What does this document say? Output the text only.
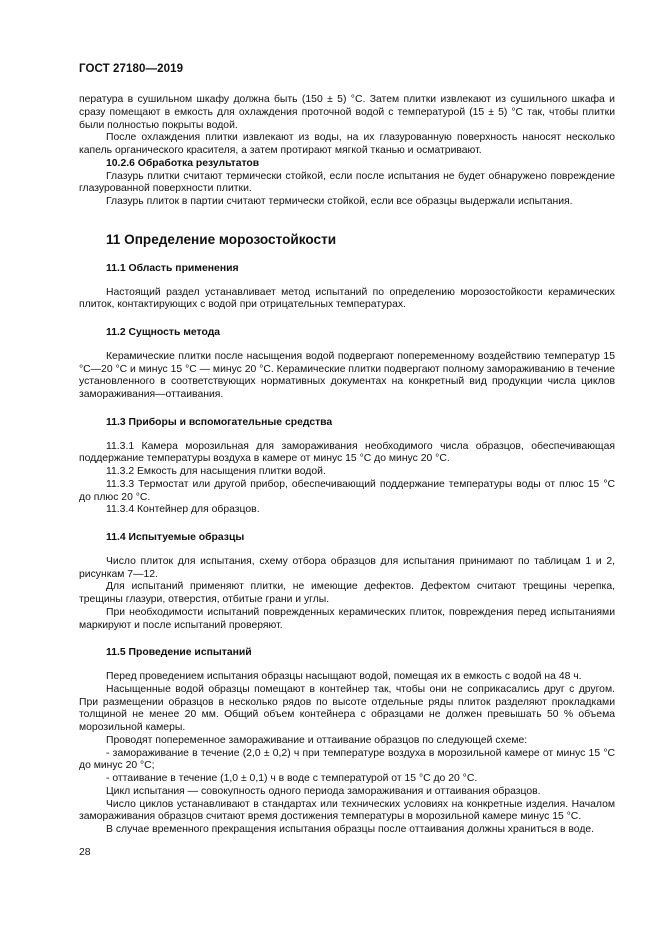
ГОСТ 27180—2019

пература в сушильном шкафу должна быть (150 ± 5) °С. Затем плитки извлекают из сушильного шкафа и сразу помещают в емкость для охлаждения проточной водой с температурой (15 ± 5) °С так, чтобы плитки были полностью покрыты водой.

После охлаждения плитки извлекают из воды, на их глазурованную поверхность наносят несколько капель органического красителя, а затем протирают мягкой тканью и осматривают.

10.2.6 Обработка результатов

Глазурь плитки считают термически стойкой, если после испытания не будет обнаружено повреждение глазурованной поверхности плитки.

Глазурь плиток в партии считают термически стойкой, если все образцы выдержали испытания.

11 Определение морозостойкости
11.1 Область применения

Настоящий раздел устанавливает метод испытаний по определению морозостойкости керамических плиток, контактирующих с водой при отрицательных температурах.

11.2 Сущность метода

Керамические плитки после насыщения водой подвергают попеременному воздействию температур 15 °С—20 °С и минус 15 °С — минус 20 °С. Керамические плитки подвергают полному замораживанию в течение установленного в соответствующих нормативных документах на конкретный вид продукции числа циклов замораживания—оттаивания.

11.3 Приборы и вспомогательные средства

11.3.1 Камера морозильная для замораживания необходимого числа образцов, обеспечивающая поддержание температуры воздуха в камере от минус 15 °С до минус 20 °С.

11.3.2 Емкость для насыщения плитки водой.

11.3.3 Термостат или другой прибор, обеспечивающий поддержание температуры воды от плюс 15 °С до плюс 20 °С.

11.3.4 Контейнер для образцов.

11.4 Испытуемые образцы

Число плиток для испытания, схему отбора образцов для испытания принимают по таблицам 1 и 2, рисункам 7—12.

Для испытаний применяют плитки, не имеющие дефектов. Дефектом считают трещины черепка, трещины глазури, отверстия, отбитые грани и углы.

При необходимости испытаний поврежденных керамических плиток, повреждения перед испытаниями маркируют и после испытаний проверяют.

11.5 Проведение испытаний

Перед проведением испытания образцы насыщают водой, помещая их в емкость с водой на 48 ч.

Насыщенные водой образцы помещают в контейнер так, чтобы они не соприкасались друг с другом. При размещении образцов в несколько рядов по высоте отдельные ряды плиток разделяют прокладками толщиной не менее 20 мм. Общий объем контейнера с образцами не должен превышать 50 % объема морозильной камеры.

Проводят попеременное замораживание и оттаивание образцов по следующей схеме:

- замораживание в течение (2,0 ± 0,2) ч при температуре воздуха в морозильной камере от минус 15 °С до минус 20 °С;

- оттаивание в течение (1,0 ± 0,1) ч в воде с температурой от 15 °С до 20 °С.

Цикл испытания — совокупность одного периода замораживания и оттаивания образцов.

Число циклов устанавливают в стандартах или технических условиях на конкретные изделия. Началом замораживания образцов считают время достижения температуры в морозильной камере минус 15 °С.

В случае временного прекращения испытания образцы после оттаивания должны храниться в воде.

28
